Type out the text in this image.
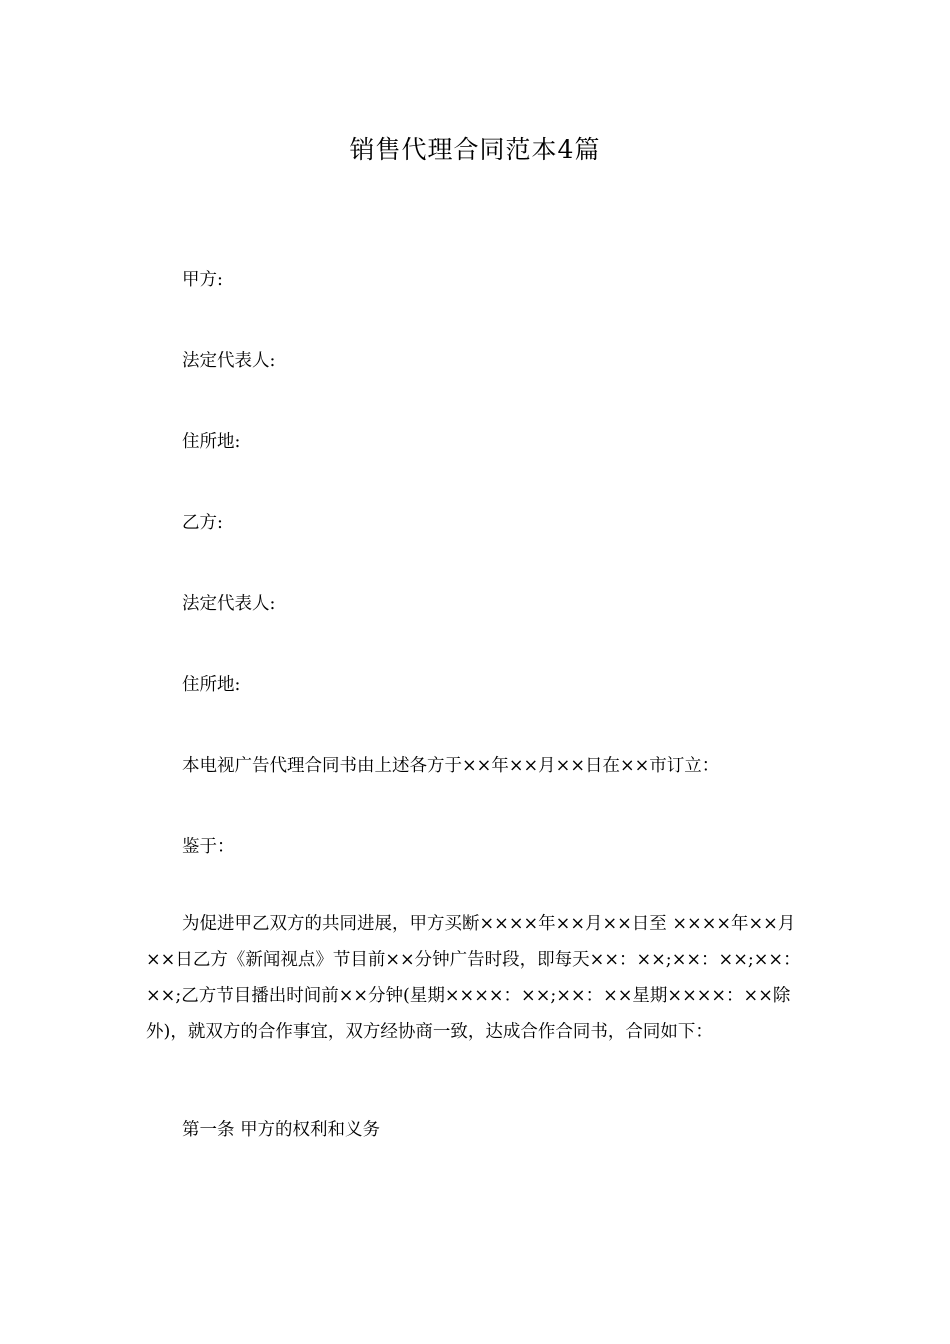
销售代理合同范本4篇
甲方:
法定代表人:
住所地:
乙方:
法定代表人:
住所地:
本电视广告代理合同书由上述各方于××年××月××日在××市订立：
鉴于：

为促进甲乙双方的共同进展，甲方买断××××年××月××日至 ××××年××月××日乙方《新闻视点》节目前××分钟广告时段，即每天××：××;××：××;××：××;乙方节目播出时间前××分钟(星期××××：××;××：××星期××××：××除外)，就双方的合作事宜，双方经协商一致，达成合作合同书，合同如下：

第一条 甲方的权利和义务
